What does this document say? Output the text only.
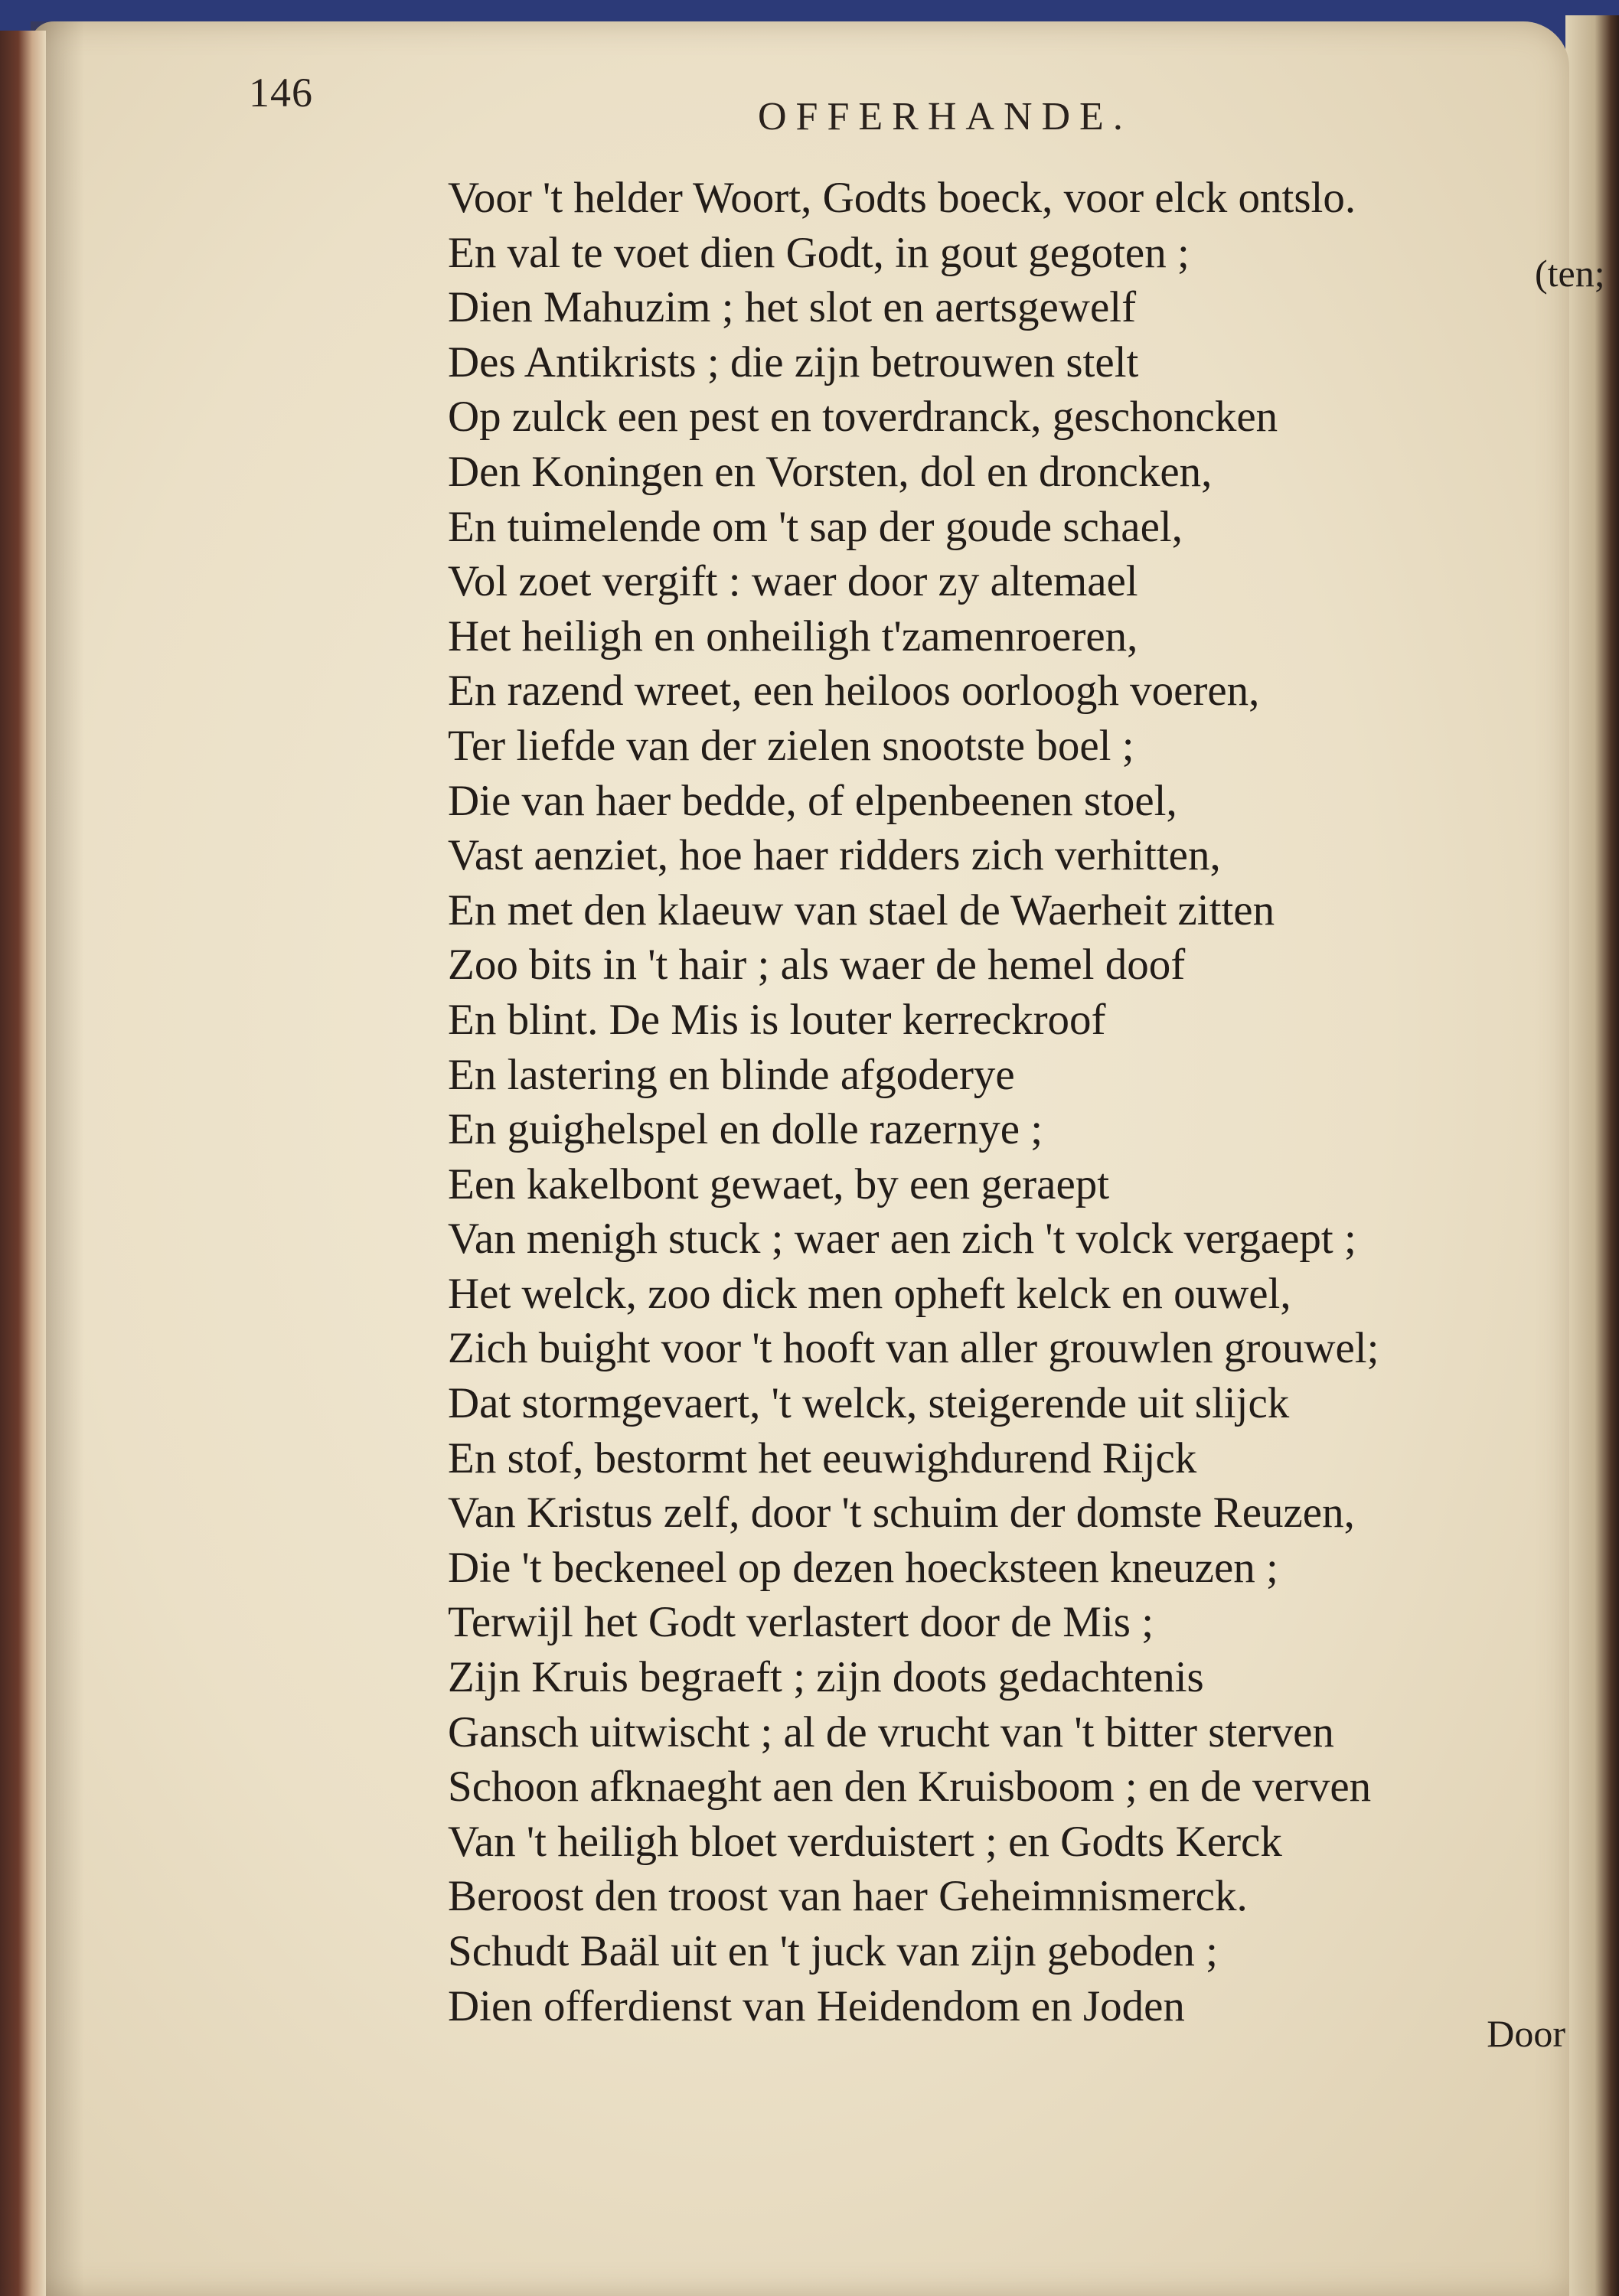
146
OFFERHANDE.
(ten;
Voor 't helder Woort, Godts boeck, voor elck ontslo.
En val te voet dien Godt, in gout gegoten ;
Dien Mahuzim ; het slot en aertsgewelf
Des Antikrists ; die zijn betrouwen stelt
Op zulck een pest en toverdranck, geschoncken
Den Koningen en Vorsten, dol en droncken,
En tuimelende om 't sap der goude schael,
Vol zoet vergift : waer door zy altemael
Het heiligh en onheiligh t'zamenroeren,
En razend wreet, een heiloos oorloogh voeren,
Ter liefde van der zielen snootste boel ;
Die van haer bedde, of elpenbeenen stoel,
Vast aenziet, hoe haer ridders zich verhitten,
En met den klaeuw van stael de Waerheit zitten
Zoo bits in 't hair ; als waer de hemel doof
En blint. De Mis is louter kerreckroof
En lastering en blinde afgoderye
En guighelspel en dolle razernye ;
Een kakelbont gewaet, by een geraept
Van menigh stuck ; waer aen zich 't volck vergaept ;
Het welck, zoo dick men opheft kelck en ouwel,
Zich buight voor 't hooft van aller grouwlen grouwel;
Dat stormgevaert, 't welck, steigerende uit slijck
En stof, bestormt het eeuwighdurend Rijck
Van Kristus zelf, door 't schuim der domste Reuzen,
Die 't beckeneel op dezen hoecksteen kneuzen ;
Terwijl het Godt verlastert door de Mis ;
Zijn Kruis begraeft ; zijn doots gedachtenis
Gansch uitwischt ; al de vrucht van 't bitter sterven
Schoon afknaeght aen den Kruisboom ; en de verven
Van 't heiligh bloet verduistert ; en Godts Kerck
Beroost den troost van haer Geheimnismerck.
Schudt Baäl uit en 't juck van zijn geboden ;
Dien offerdienst van Heidendom en Joden
Door
